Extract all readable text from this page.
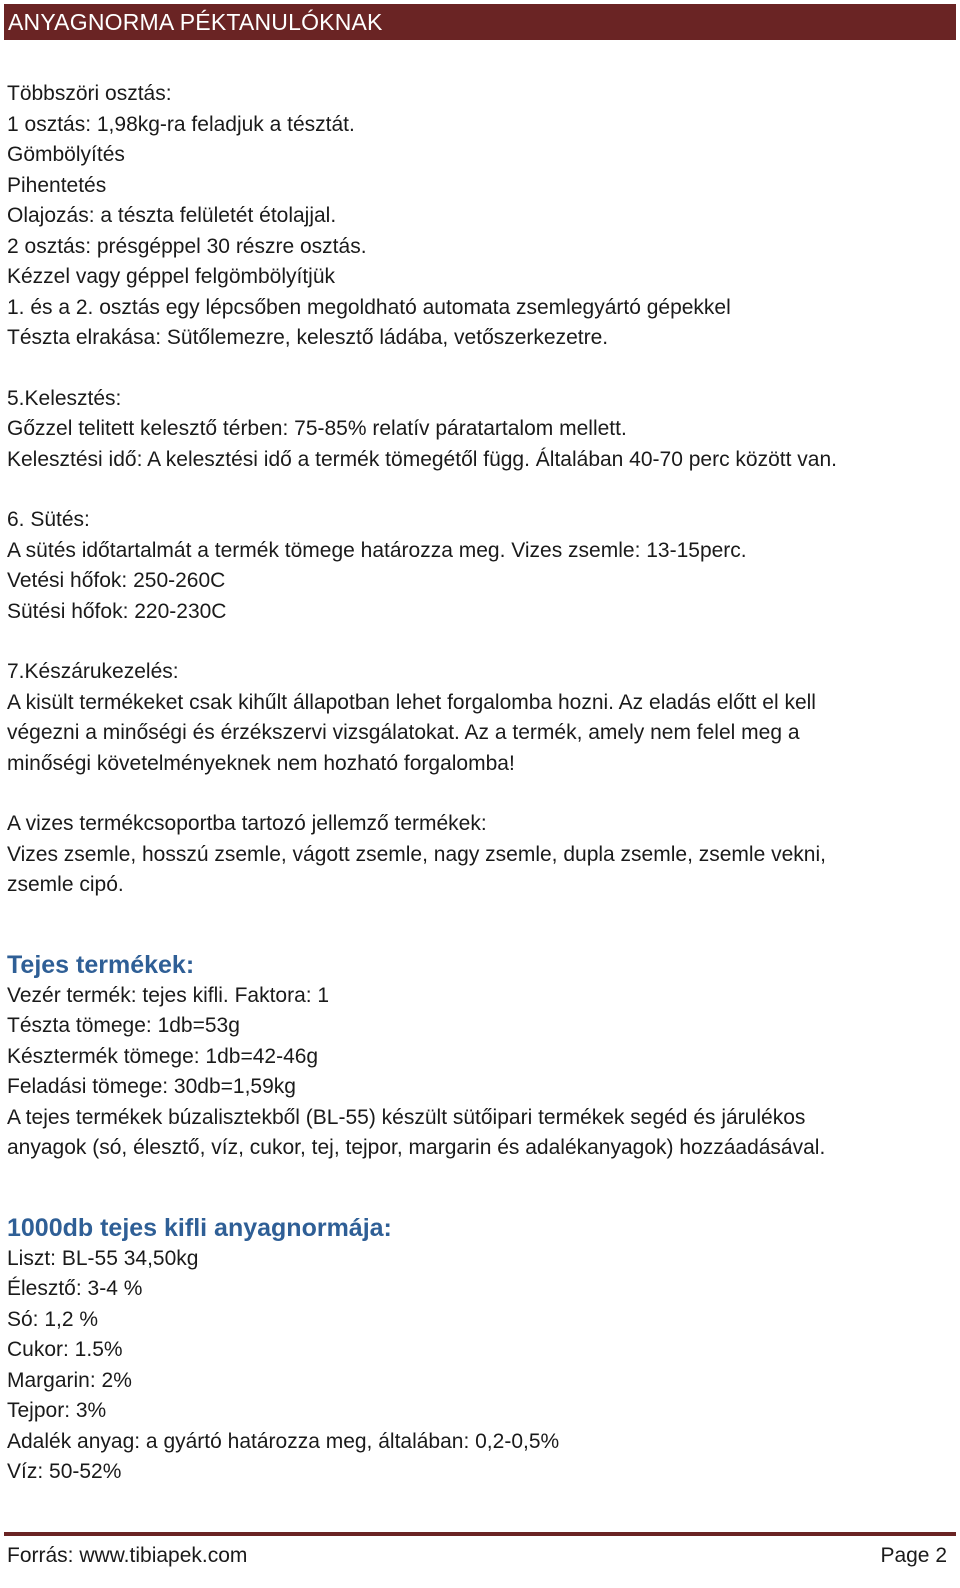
ANYAGNORMA PÉKTANULÓKNAK
Többszöri osztás:
1 osztás: 1,98kg-ra feladjuk a tésztát.
Gömbölyítés
Pihentetés
Olajozás: a tészta felületét étolajjal.
2 osztás: présgéppel 30 részre osztás.
Kézzel vagy géppel felgömbölyítjük
1. és a 2. osztás egy lépcsőben megoldható automata zsemlegyártó gépekkel
Tészta elrakása: Sütőlemezre, kelesztő ládába, vetőszerkezetre.
5.Kelesztés:
Gőzzel telitett kelesztő térben: 75-85% relatív páratartalom mellett.
Kelesztési idő: A kelesztési idő a termék tömegétől függ. Általában 40-70 perc között van.
6. Sütés:
A sütés időtartalmát a termék tömege határozza meg. Vizes zsemle: 13-15perc.
Vetési hőfok: 250-260C
Sütési hőfok: 220-230C
7.Készárukezelés:
A kisült termékeket csak kihűlt állapotban lehet forgalomba hozni. Az eladás előtt el kell
végezni a minőségi és érzékszervi vizsgálatokat. Az a termék, amely nem felel meg a
minőségi követelményeknek nem hozható forgalomba!
A vizes termékcsoportba tartozó jellemző termékek:
Vizes zsemle, hosszú zsemle, vágott zsemle, nagy zsemle, dupla zsemle, zsemle vekni,
zsemle cipó.
Tejes termékek:
Vezér termék: tejes kifli. Faktora: 1
Tészta tömege: 1db=53g
Késztermék tömege: 1db=42-46g
Feladási tömege: 30db=1,59kg
A tejes termékek búzalisztekből (BL-55) készült sütőipari termékek segéd és járulékos
anyagok (só, élesztő, víz, cukor, tej, tejpor, margarin és adalékanyagok) hozzáadásával.
1000db tejes kifli anyagnormája:
Liszt: BL-55 34,50kg
Élesztő: 3-4 %
Só: 1,2 %
Cukor: 1.5%
Margarin: 2%
Tejpor: 3%
Adalék anyag: a gyártó határozza meg, általában: 0,2-0,5%
Víz: 50-52%
Forrás: www.tibiapek.com	Page 2
